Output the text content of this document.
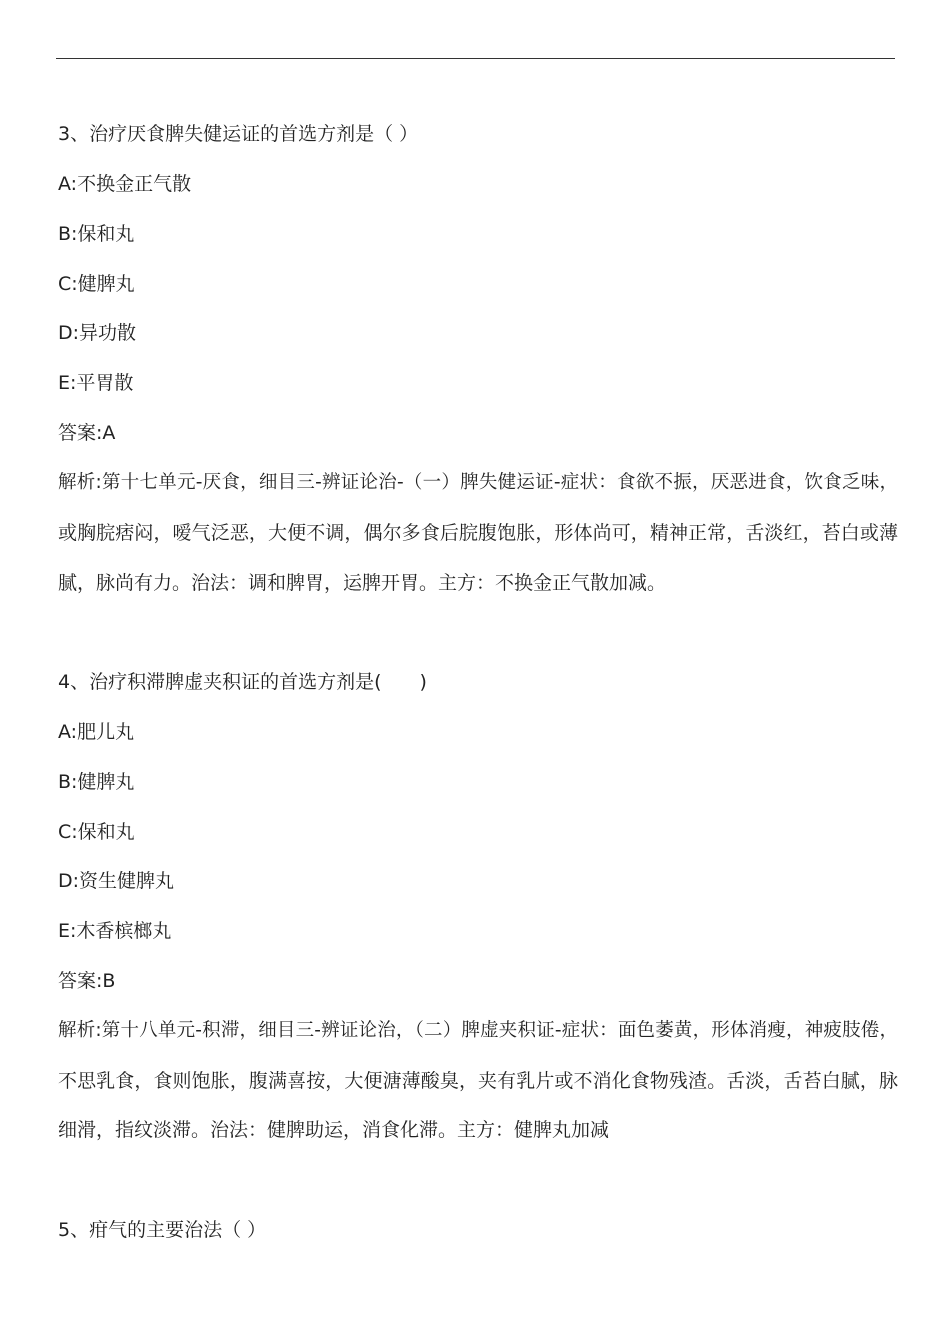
3、治疗厌食脾失健运证的首选方剂是（ ）
A:不换金正气散
B:保和丸
C:健脾丸
D:异功散
E:平胃散
答案:A
解析:第十七单元-厌食，细目三-辨证论治-（一）脾失健运证-症状：食欲不振，厌恶进食，饮食乏味，
或胸脘痞闷，嗳气泛恶，大便不调，偶尔多食后脘腹饱胀，形体尚可，精神正常，舌淡红，苔白或薄
腻，脉尚有力。治法：调和脾胃，运脾开胃。主方：不换金正气散加减。
4、治疗积滞脾虚夹积证的首选方剂是(　　)
A:肥儿丸
B:健脾丸
C:保和丸
D:资生健脾丸
E:木香槟榔丸
答案:B
解析:第十八单元-积滞，细目三-辨证论治，（二）脾虚夹积证-症状：面色萎黄，形体消瘦，神疲肢倦，
不思乳食，食则饱胀，腹满喜按，大便溏薄酸臭，夹有乳片或不消化食物残渣。舌淡，舌苔白腻，脉
细滑，指纹淡滞。治法：健脾助运，消食化滞。主方：健脾丸加减
5、疳气的主要治法（ ）
